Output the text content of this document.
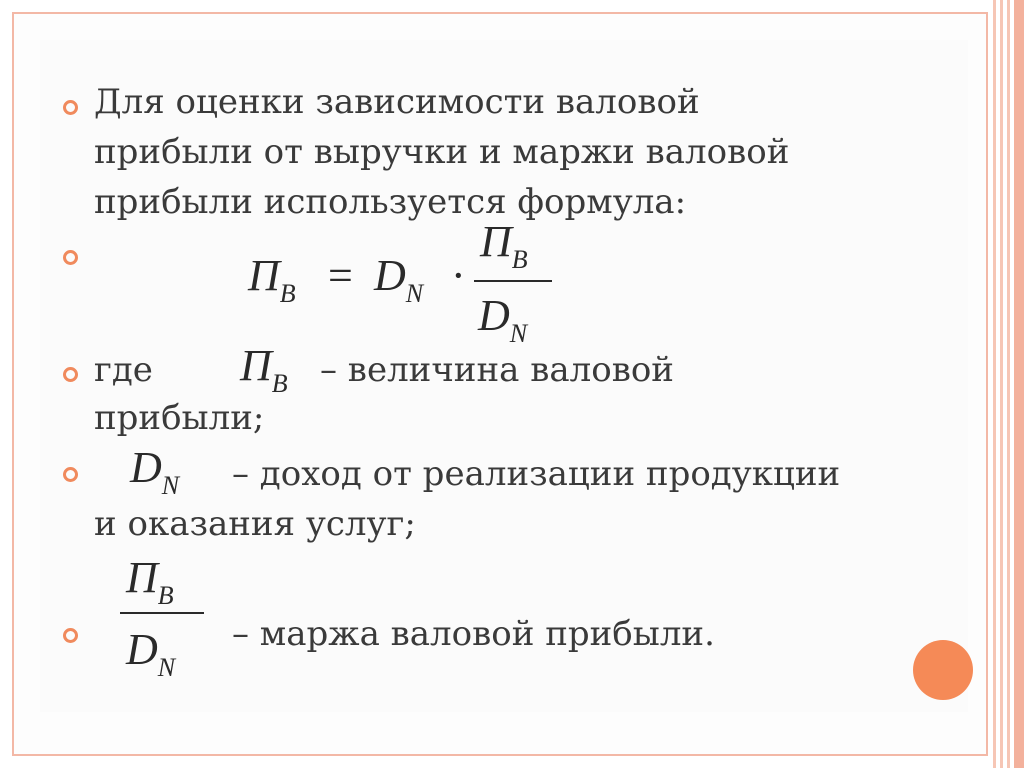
Для оценки зависимости валовой
прибыли от выручки и маржи валовой
прибыли используется формула:
ПВ = DN ·
ПВ
DN
где ПВ – величина валовой
прибыли;
DN – доход от реализации продукции
и оказания услуг;
ПВ
DN
– маржа валовой прибыли.
